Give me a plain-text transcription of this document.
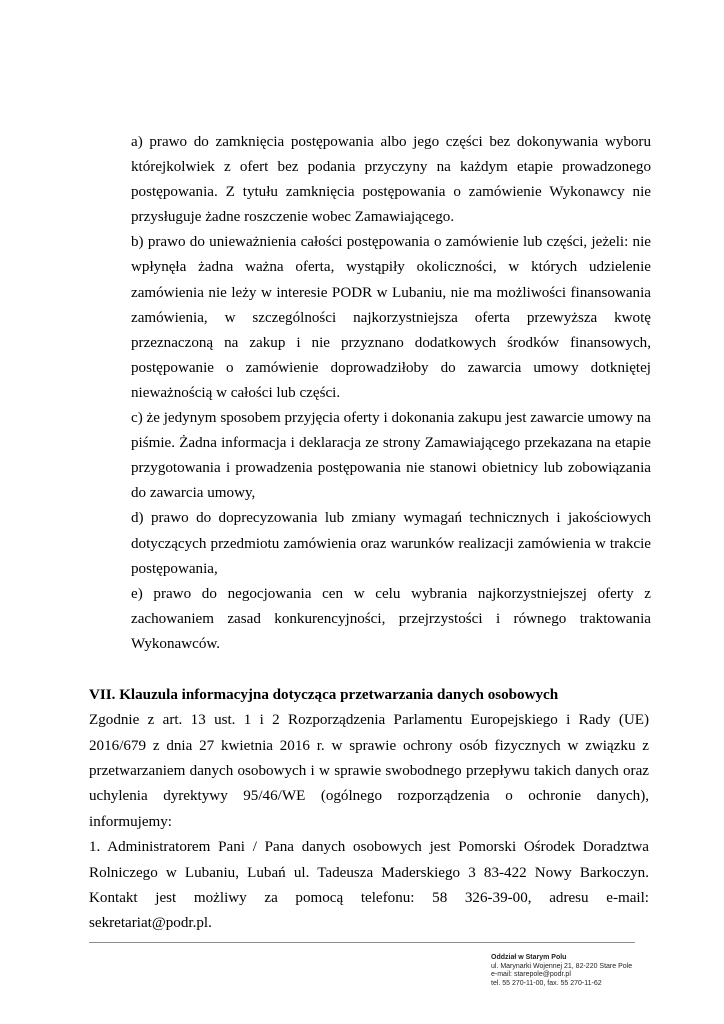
a) prawo do zamknięcia postępowania albo jego części bez dokonywania wyboru którejkolwiek z ofert bez podania przyczyny na każdym etapie prowadzonego postępowania. Z tytułu zamknięcia postępowania o zamówienie Wykonawcy nie przysługuje żadne roszczenie wobec Zamawiającego.

b) prawo do unieważnienia całości postępowania o zamówienie lub części, jeżeli: nie wpłynęła żadna ważna oferta, wystąpiły okoliczności, w których udzielenie zamówienia nie leży w interesie PODR w Lubaniu, nie ma możliwości finansowania zamówienia, w szczególności najkorzystniejsza oferta przewyższa kwotę przeznaczoną na zakup i nie przyznano dodatkowych środków finansowych, postępowanie o zamówienie doprowadziłoby do zawarcia umowy dotkniętej nieważnością w całości lub części.

c) że jedynym sposobem przyjęcia oferty i dokonania zakupu jest zawarcie umowy na piśmie. Żadna informacja i deklaracja ze strony Zamawiającego przekazana na etapie przygotowania i prowadzenia postępowania nie stanowi obietnicy lub zobowiązania do zawarcia umowy,

d) prawo do doprecyzowania lub zmiany wymagań technicznych i jakościowych dotyczących przedmiotu zamówienia oraz warunków realizacji zamówienia w trakcie postępowania,

e) prawo do negocjowania cen w celu wybrania najkorzystniejszej oferty z zachowaniem zasad konkurencyjności, przejrzystości i równego traktowania Wykonawców.

VII. Klauzula informacyjna dotycząca przetwarzania danych osobowych

Zgodnie z art. 13 ust. 1 i 2 Rozporządzenia Parlamentu Europejskiego i Rady (UE) 2016/679 z dnia 27 kwietnia 2016 r. w sprawie ochrony osób fizycznych w związku z przetwarzaniem danych osobowych i w sprawie swobodnego przepływu takich danych oraz uchylenia dyrektywy 95/46/WE (ogólnego rozporządzenia o ochronie danych), informujemy:

1. Administratorem Pani / Pana danych osobowych jest Pomorski Ośrodek Doradztwa Rolniczego w Lubaniu, Lubań ul. Tadeusza Maderskiego 3 83-422 Nowy Barkoczyn. Kontakt jest możliwy za pomocą telefonu: 58 326-39-00, adresu e-mail: sekretariat@podr.pl.

Oddział w Starym Polu
ul. Marynarki Wojennej 21, 82-220 Stare Pole
e-mail: starepole@podr.pl
tel. 55 270-11-00, fax. 55 270-11-62
